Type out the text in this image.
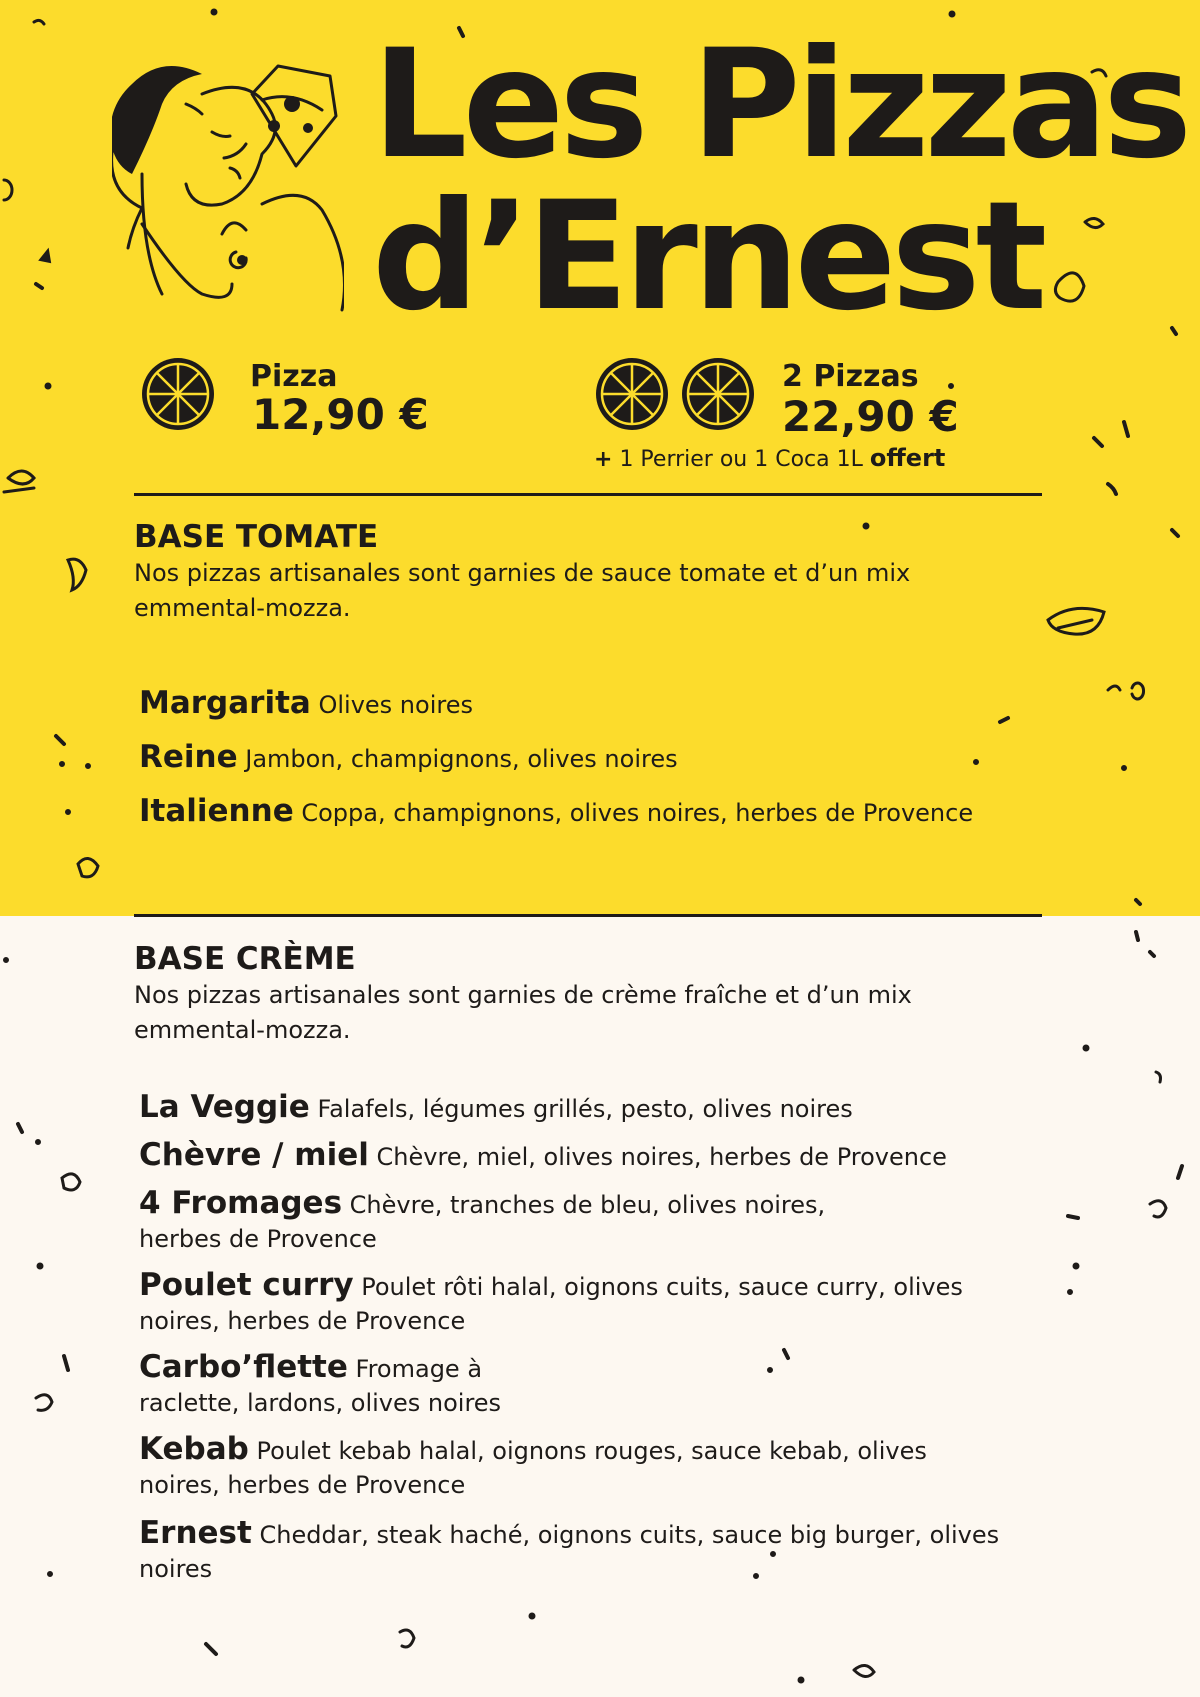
Les Pizzas
d’Ernest
Pizza
12,90 €
2 Pizzas
22,90 €
+ 1 Perrier ou 1 Coca 1L offert
BASE TOMATE
Nos pizzas artisanales sont garnies de sauce tomate et d’un mix emmental-mozza.
Margarita Olives noires
Reine Jambon, champignons, olives noires
Italienne Coppa, champignons, olives noires, herbes de Provence
BASE CRÈME
Nos pizzas artisanales sont garnies de crème fraîche et d’un mix emmental-mozza.
La Veggie Falafels, légumes grillés, pesto, olives noires
Chèvre / miel Chèvre, miel, olives noires, herbes de Provence
4 Fromages Chèvre, tranches de bleu, olives noires, herbes de Provence
Poulet curry Poulet rôti halal, oignons cuits, sauce curry, olives noires, herbes de Provence
Carbo’flette Fromage à raclette, lardons, olives noires
Kebab Poulet kebab halal, oignons rouges, sauce kebab, olives noires, herbes de Provence
Ernest Cheddar, steak haché, oignons cuits, sauce big burger, olives noires
